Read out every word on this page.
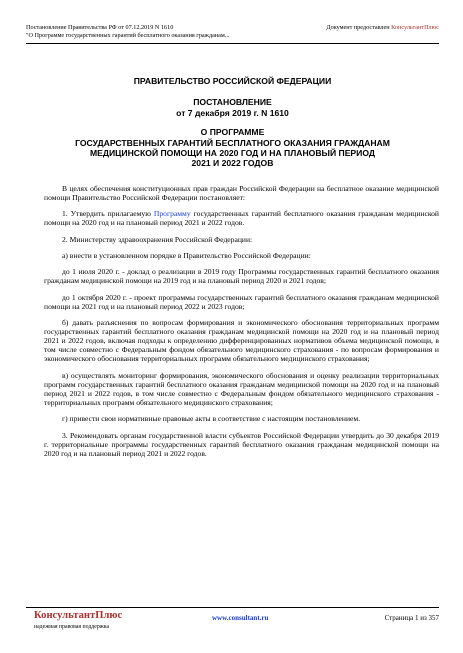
Постановление Правительства РФ от 07.12.2019 N 1610
"О Программе государственных гарантий бесплатного оказания гражданам...
Документ предоставлен КонсультантПлюс
ПРАВИТЕЛЬСТВО РОССИЙСКОЙ ФЕДЕРАЦИИ
ПОСТАНОВЛЕНИЕ
от 7 декабря 2019 г. N 1610
О ПРОГРАММЕ
ГОСУДАРСТВЕННЫХ ГАРАНТИЙ БЕСПЛАТНОГО ОКАЗАНИЯ ГРАЖДАНАМ
МЕДИЦИНСКОЙ ПОМОЩИ НА 2020 ГОД И НА ПЛАНОВЫЙ ПЕРИОД
2021 И 2022 ГОДОВ

В целях обеспечения конституционных прав граждан Российской Федерации на бесплатное оказание медицинской помощи Правительство Российской Федерации постановляет:

1. Утвердить прилагаемую Программу государственных гарантий бесплатного оказания гражданам медицинской помощи на 2020 год и на плановый период 2021 и 2022 годов.

2. Министерству здравоохранения Российской Федерации:

а) внести в установленном порядке в Правительство Российской Федерации:

до 1 июля 2020 г. - доклад о реализации в 2019 году Программы государственных гарантий бесплатного оказания гражданам медицинской помощи на 2019 год и на плановый период 2020 и 2021 годов;

до 1 октября 2020 г. - проект программы государственных гарантий бесплатного оказания гражданам медицинской помощи на 2021 год и на плановый период 2022 и 2023 годов;

б) давать разъяснения по вопросам формирования и экономического обоснования территориальных программ государственных гарантий бесплатного оказания гражданам медицинской помощи на 2020 год и на плановый период 2021 и 2022 годов, включая подходы к определению дифференцированных нормативов объема медицинской помощи, в том числе совместно с Федеральным фондом обязательного медицинского страхования - по вопросам формирования и экономического обоснования территориальных программ обязательного медицинского страхования;

в) осуществлять мониторинг формирования, экономического обоснования и оценку реализации территориальных программ государственных гарантий бесплатного оказания гражданам медицинской помощи на 2020 год и на плановый период 2021 и 2022 годов, в том числе совместно с Федеральным фондом обязательного медицинского страхования - территориальных программ обязательного медицинского страхования;

г) привести свои нормативные правовые акты в соответствие с настоящим постановлением.

3. Рекомендовать органам государственной власти субъектов Российской Федерации утвердить до 30 декабря 2019 г. территориальные программы государственных гарантий бесплатного оказания гражданам медицинской помощи на 2020 год и на плановый период 2021 и 2022 годов.

КонсультантПлюс
надежная правовая поддержка
www.consultant.ru	Страница 1 из 357
